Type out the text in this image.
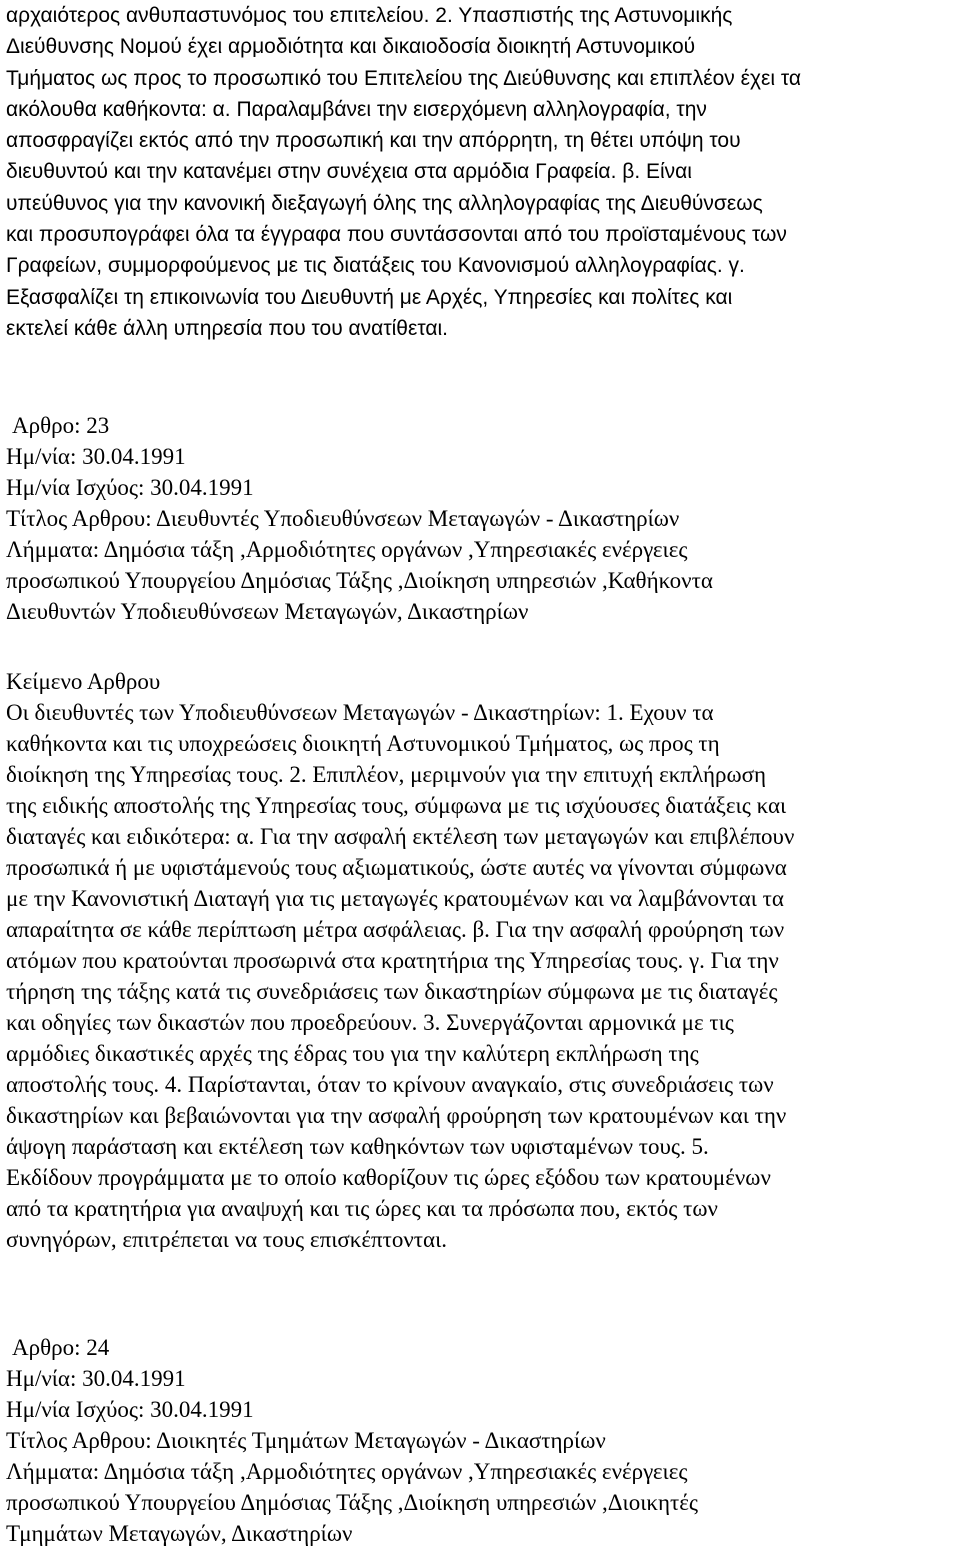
αρχαιότερος ανθυπαστυνόμος του επιτελείου. 2. Υπασπιστής της Αστυνομικής

Διεύθυνσης Νομού έχει αρμοδιότητα και δικαιοδοσία διοικητή Αστυνομικού

Τμήματος ως προς το προσωπικό του Επιτελείου της Διεύθυνσης και επιπλέον έχει τα

ακόλουθα καθήκοντα: α. Παραλαμβάνει την εισερχόμενη αλληλογραφία, την

αποσφραγίζει εκτός από την προσωπική και την απόρρητη, τη θέτει υπόψη του

διευθυντού και την κατανέμει στην συνέχεια στα αρμόδια Γραφεία. β. Είναι

υπεύθυνος για την κανονική διεξαγωγή όλης της αλληλογραφίας της Διευθύνσεως

και προσυπογράφει όλα τα έγγραφα που συντάσσονται από του προϊσταμένους των

Γραφείων, συμμορφούμενος με τις διατάξεις του Κανονισμού αλληλογραφίας. γ.

Εξασφαλίζει τη επικοινωνία του Διευθυντή με Αρχές, Υπηρεσίες και πολίτες και

εκτελεί κάθε άλλη υπηρεσία που του ανατίθεται.

Αρθρο: 23

Ημ/νία: 30.04.1991

Ημ/νία Ισχύος: 30.04.1991

Τίτλος Αρθρου: Διευθυντές Υποδιευθύνσεων Μεταγωγών - Δικαστηρίων

Λήμματα: Δημόσια τάξη ,Αρμοδιότητες οργάνων ,Υπηρεσιακές ενέργειες

προσωπικού Υπουργείου Δημόσιας Τάξης ,Διοίκηση υπηρεσιών ,Καθήκοντα

Διευθυντών Υποδιευθύνσεων Μεταγωγών, Δικαστηρίων

Κείμενο Αρθρου

Οι διευθυντές των Υποδιευθύνσεων Μεταγωγών - Δικαστηρίων: 1. Εχουν τα

καθήκοντα και τις υποχρεώσεις διοικητή Αστυνομικού Τμήματος, ως προς τη

διοίκηση της Υπηρεσίας τους. 2. Επιπλέον, μεριμνούν για την επιτυχή εκπλήρωση

της ειδικής αποστολής της Υπηρεσίας τους, σύμφωνα με τις ισχύουσες διατάξεις και

διαταγές και ειδικότερα: α. Για την ασφαλή εκτέλεση των μεταγωγών και επιβλέπουν

προσωπικά ή με υφιστάμενούς τους αξιωματικούς, ώστε αυτές να γίνονται σύμφωνα

με την Κανονιστική Διαταγή για τις μεταγωγές κρατουμένων και να λαμβάνονται τα

απαραίτητα σε κάθε περίπτωση μέτρα ασφάλειας. β. Για την ασφαλή φρούρηση των

ατόμων που κρατούνται προσωρινά στα κρατητήρια της Υπηρεσίας τους. γ. Για την

τήρηση της τάξης κατά τις συνεδριάσεις των δικαστηρίων σύμφωνα με τις διαταγές

και οδηγίες των δικαστών που προεδρεύουν. 3. Συνεργάζονται αρμονικά με τις

αρμόδιες δικαστικές αρχές της έδρας του για την καλύτερη εκπλήρωση της

αποστολής τους. 4. Παρίστανται, όταν το κρίνουν αναγκαίο, στις συνεδριάσεις των

δικαστηρίων και βεβαιώνονται για την ασφαλή φρούρηση των κρατουμένων και την

άψογη παράσταση και εκτέλεση των καθηκόντων των υφισταμένων τους. 5.

Εκδίδουν προγράμματα με το οποίο καθορίζουν τις ώρες εξόδου των κρατουμένων

από τα κρατητήρια για αναψυχή και τις ώρες και τα πρόσωπα που, εκτός των

συνηγόρων, επιτρέπεται να τους επισκέπτονται.

Αρθρο: 24

Ημ/νία: 30.04.1991

Ημ/νία Ισχύος: 30.04.1991

Τίτλος Αρθρου: Διοικητές Τμημάτων Μεταγωγών - Δικαστηρίων

Λήμματα: Δημόσια τάξη ,Αρμοδιότητες οργάνων ,Υπηρεσιακές ενέργειες

προσωπικού Υπουργείου Δημόσιας Τάξης ,Διοίκηση υπηρεσιών ,Διοικητές

Τμημάτων Μεταγωγών, Δικαστηρίων
